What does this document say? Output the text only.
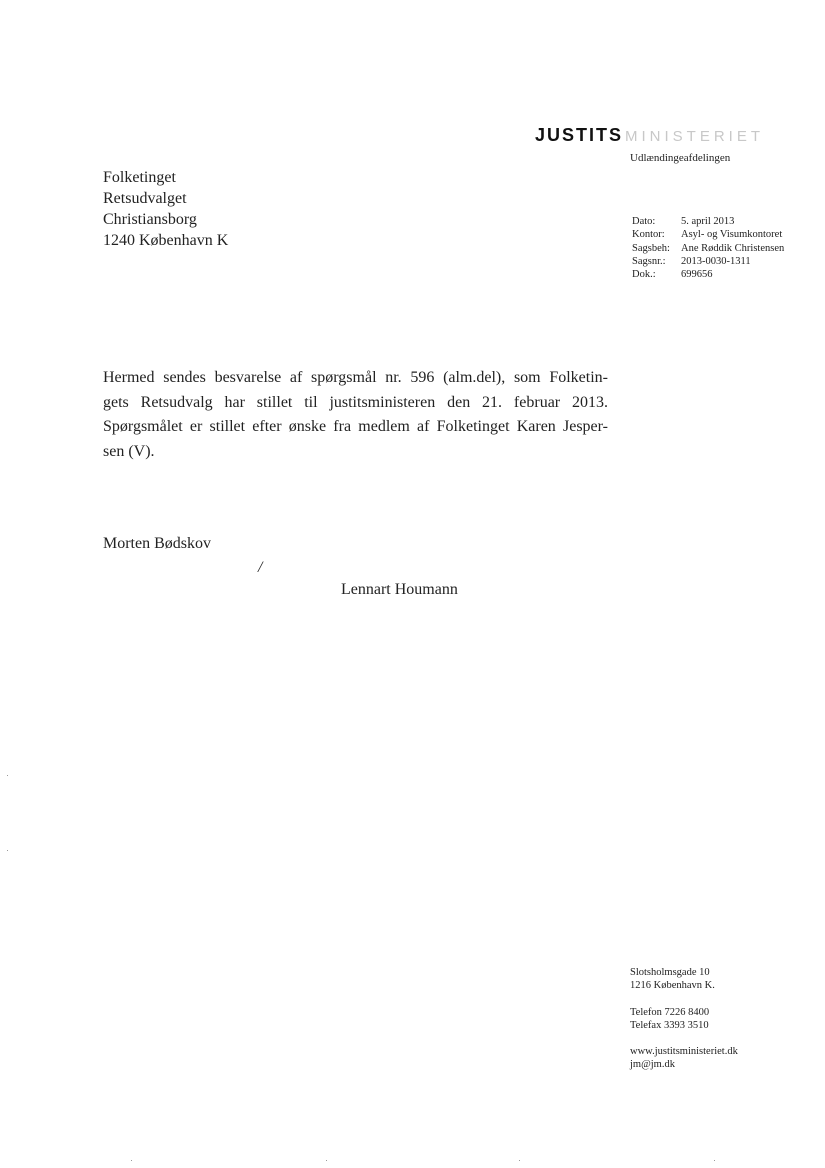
JUSTITS MINISTERIET
Udlændingeafdelingen
Folketinget
Retsudvalget
Christiansborg
1240 København K
Dato:	5. april 2013
Kontor:	Asyl- og Visumkontoret
Sagsbeh:	Ane Røddik Christensen
Sagsnr.:	2013-0030-1311
Dok.:	699656
Hermed sendes besvarelse af spørgsmål nr. 596 (alm.del), som Folketin-
gets Retsudvalg har stillet til justitsministeren den 21. februar 2013.
Spørgsmålet er stillet efter ønske fra medlem af Folketinget Karen Jesper-
sen (V).
Morten Bødskov
/
Lennart Houmann
Slotsholmsgade 10
1216 København K.
Telefon 7226 8400
Telefax 3393 3510
www.justitsministeriet.dk
jm@jm.dk
